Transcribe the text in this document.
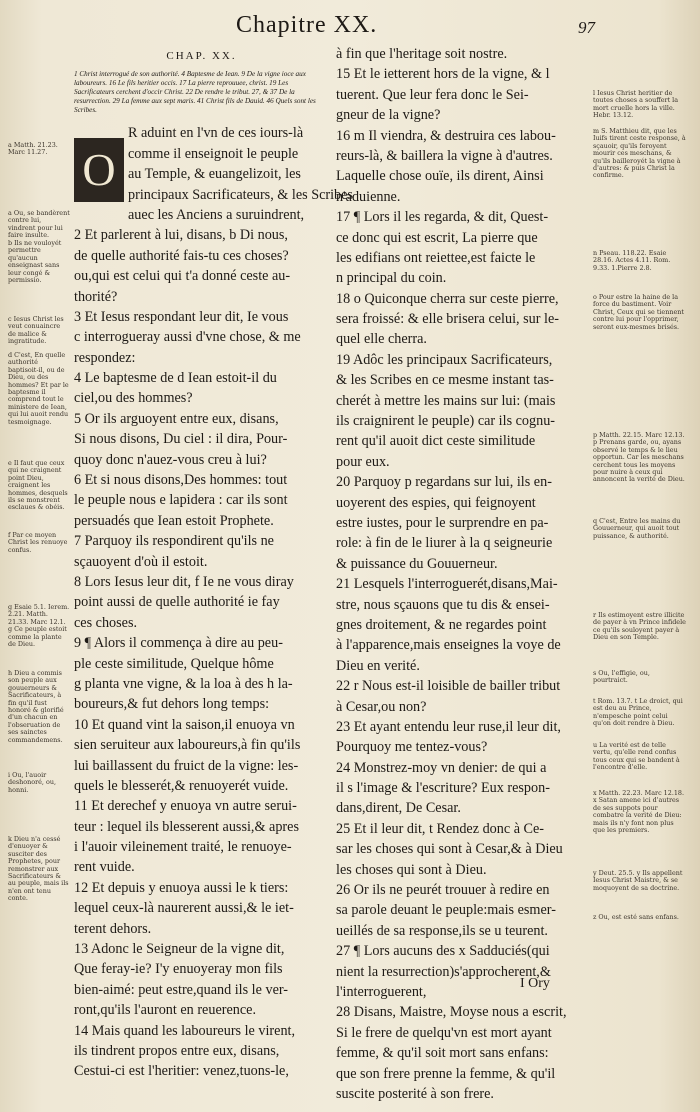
Chapitre XX.	97
a Matth. 21.23. Marc 11.27.
a Ou, se bandèrent contre lui, vindrent pour lui faire insulte.
b Ils ne vouloyét permettre qu'aucun enseignast sans leur congé & permissio.
c Iesus Christ les veut conuaincre de malice & ingratitude.
d C'est, En quelle authorité baptisoit-il, ou de Dieu, ou des hommes? Et par le baptesme il comprend tout le ministere de Iean, qui lui auoit rendu tesmoignage.
e Il faut que ceux qui ne craignent point Dieu, craignent les hommes, desquels ils se monstrent esclaues & obéis.
f Par ce moyen Christ les renuoye confus.
g Esaie 5.1. Ierem. 2.21. Matth. 21.33. Marc 12.1. g Ce peuple estoit comme la plante de Dieu.
h Dieu a commis son peuple aux gouuerneurs & Sacrificateurs, à fin qu'il fust honoré & glorifié d'un chacun en l'obseruation de ses sainctes commandemens.
i Ou, l'auoir deshonoré, ou, honni.
k Dieu n'a cessé d'enuoyer & susciter des Prophetes, pour remonstrer aux Sacrificateurs & au peuple, mais ils n'en ont tenu conte.
l Iesus Christ heritier de toutes choses a souffert la mort cruelle hors la ville. Hebr. 13.12.
m S. Matthieu dit, que les Iuifs tirent ceste response, à sçauoir, qu'ils feroyent mourir ces meschans, & qu'ils bailleroyét la vigne à d'autres: & puis Christ la confirme.
n Pseau. 118.22. Esaie 28.16. Actes 4.11. Rom. 9.33. 1.Pierre 2.8.
o Pour estre la haine de la force du bastiment. Voir Christ, Ceux qui se tiennent contre lui pour l'opprimer, seront eux-mesmes brisés.
p Matth. 22.15. Marc 12.13. p Prenans garde, ou, ayans observé le temps & le lieu opportun. Car les meschans cerchent tous les moyens pour nuire à ceux qui annoncent la verité de Dieu.
q C'est, Entre les mains du Gouuerneur, qui auoit tout puissance, & authorité.
r Ils estimoyent estre illicite de payer à vn Prince infidele ce qu'ils souloyent payer à Dieu en son Temple.
s Ou, l'effigie, ou, pourtraict.
t Rom. 13.7. t Le droict, qui est deu au Prince, n'empesche point celui qu'on doit rendre à Dieu.
u La verité est de telle vertu, qu'elle rend confus tous ceux qui se bandent à l'encontre d'elle.
x Matth. 22.23. Marc 12.18. x Satan amene ici d'autres de ses suppots pour combatre la verité de Dieu: mais ils n'y font non plus que les premiers.
y Deut. 25.5. y Ils appellent Iesus Christ Maistre, & se moquoyent de sa doctrine.
z Ou, est esté sans enfans.
CHAP. XX.
1 Christ interrogué de son authorité. 4 Baptesme de Iean. 9 De la vigne ioce aux laboureurs. 16 Le fils heritier occis. 17 La pierre reprouuee, christ. 19 Les Sacrificateurs cerchent d'occir Christ. 22 De rendre le tribut. 27, & 37 De la resurrection. 29 La femme aux sept maris. 41 Christ fils de Dauid. 46 Quels sont les Scribes.
O
R aduint en l'vn de ces iours-là
comme il enseignoit le peuple
au Temple, & euangelizoit, les
principaux Sacrificateurs, & les Scribes
auec les Anciens a suruindrent,
2 Et parlerent à lui, disans, b Di nous,
de quelle authorité fais-tu ces choses?
ou,qui est celui qui t'a donné ceste au-
thorité?
3 Et Iesus respondant leur dit, Ie vous
c interrogueray aussi d'vne chose, & me
respondez:
4 Le baptesme de d Iean estoit-il du
ciel,ou des hommes?
5 Or ils arguoyent entre eux, disans,
Si nous disons, Du ciel : il dira, Pour-
quoy donc n'auez-vous creu à lui?
6 Et si nous disons,Des hommes: tout
le peuple nous e lapidera : car ils sont
persuadés que Iean estoit Prophete.
7 Parquoy ils respondirent qu'ils ne
sçauoyent d'où il estoit.
8 Lors Iesus leur dit, f Ie ne vous diray
point aussi de quelle authorité ie fay
ces choses.
9 ¶ Alors il commença à dire au peu-
ple ceste similitude, Quelque hôme
g planta vne vigne, & la loa à des h la-
boureurs,& fut dehors long temps:
10 Et quand vint la saison,il enuoya vn
sien seruiteur aux laboureurs,à fin qu'ils
lui baillassent du fruict de la vigne: les-
quels le blesserét,& renuoyerét vuide.
11 Et derechef y enuoya vn autre serui-
teur : lequel ils blesserent aussi,& apres
i l'auoir vileinement traité, le renuoye-
rent vuide.
12 Et depuis y enuoya aussi le k tiers:
lequel ceux-là naurerent aussi,& le iet-
terent dehors.
13 Adonc le Seigneur de la vigne dit,
Que feray-ie? I'y enuoyeray mon fils
bien-aimé: peut estre,quand ils le ver-
ront,qu'ils l'auront en reuerence.
14 Mais quand les laboureurs le virent,
ils tindrent propos entre eux, disans,
Cestui-ci est l'heritier: venez,tuons-le,
à fin que l'heritage soit nostre.
15 Et le ietterent hors de la vigne, & l
tuerent. Que leur fera donc le Sei-
gneur de la vigne?
16 m Il viendra, & destruira ces labou-
reurs-là, & baillera la vigne à d'autres.
Laquelle chose ouïe, ils dirent, Ainsi
n'aduienne.
17 ¶ Lors il les regarda, & dit, Quest-
ce donc qui est escrit, La pierre que
les edifians ont reiettee,est faicte le
n principal du coin.
18 o Quiconque cherra sur ceste pierre,
sera froissé: & elle brisera celui, sur le-
quel elle cherra.
19 Adôc les principaux Sacrificateurs,
& les Scribes en ce mesme instant tas-
cherét à mettre les mains sur lui: (mais
ils craignirent le peuple) car ils cognu-
rent qu'il auoit dict ceste similitude
pour eux.
20 Parquoy p regardans sur lui, ils en-
uoyerent des espies, qui feignoyent
estre iustes, pour le surprendre en pa-
role: à fin de le liurer à la q seigneurie
& puissance du Gouuerneur.
21 Lesquels l'interroguerét,disans,Mai-
stre, nous sçauons que tu dis & ensei-
gnes droitement, & ne regardes point
à l'apparence,mais enseignes la voye de
Dieu en verité.
22 r Nous est-il loisible de bailler tribut
à Cesar,ou non?
23 Et ayant entendu leur ruse,il leur dit,
Pourquoy me tentez-vous?
24 Monstrez-moy vn denier: de qui a
il s l'image & l'escriture? Eux respon-
dans,dirent, De Cesar.
25 Et il leur dit, t Rendez donc à Ce-
sar les choses qui sont à Cesar,& à Dieu
les choses qui sont à Dieu.
26 Or ils ne peurét trouuer à redire en
sa parole deuant le peuple:mais esmer-
ueillés de sa response,ils se u teurent.
27 ¶ Lors aucuns des x Sadduciés(qui
nient la resurrection)s'approcherent,&
l'interroguerent,
28 Disans, Maistre, Moyse nous a escrit,
Si le frere de quelqu'vn est mort ayant
femme, & qu'il soit mort sans enfans:
que son frere prenne la femme, & qu'il
suscite posterité à son frere.
I Ory
